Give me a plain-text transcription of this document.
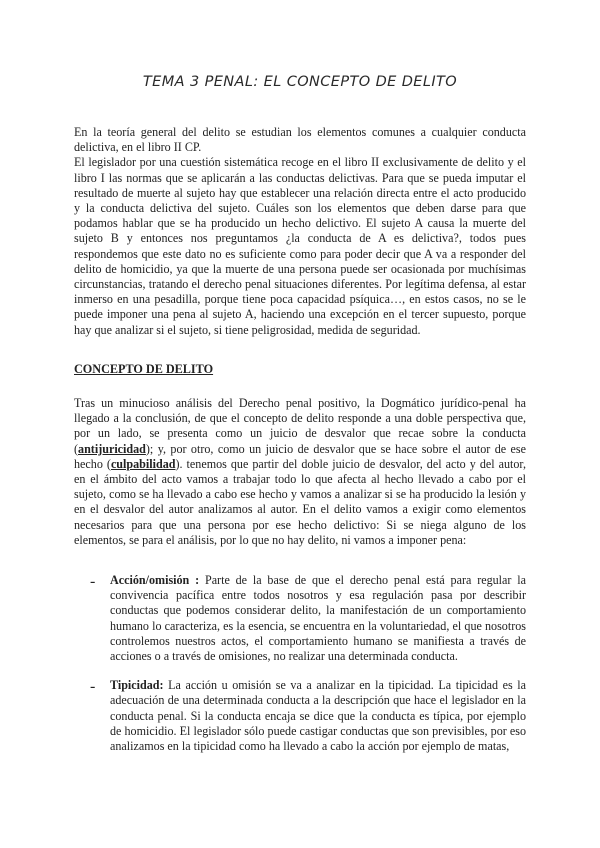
TEMA 3 PENAL: EL CONCEPTO DE DELITO

En la teoría general del delito se estudian los elementos comunes a cualquier conducta delictiva, en el libro II CP.

El legislador por una cuestión sistemática recoge en el libro II exclusivamente de delito y el libro I las normas que se aplicarán a las conductas delictivas. Para que se pueda imputar el resultado de muerte al sujeto hay que establecer una relación directa entre el acto producido y la conducta delictiva del sujeto. Cuáles son los elementos que deben darse para que podamos hablar que se ha producido un hecho delictivo. El sujeto A causa la muerte del sujeto B y entonces nos preguntamos ¿la conducta de A es delictiva?, todos pues respondemos que este dato no es suficiente como para poder decir que A va a responder del delito de homicidio, ya que la muerte de una persona puede ser ocasionada por muchísimas circunstancias, tratando el derecho penal situaciones diferentes. Por legítima defensa, al estar inmerso en una pesadilla, porque tiene poca capacidad psíquica…, en estos casos, no se le puede imponer una pena al sujeto A, haciendo una excepción en el tercer supuesto, porque hay que analizar si el sujeto, si tiene peligrosidad, medida de seguridad.

CONCEPTO DE DELITO

Tras un minucioso análisis del Derecho penal positivo, la Dogmático jurídico-penal ha llegado a la conclusión, de que el concepto de delito responde a una doble perspectiva que, por un lado, se presenta como un juicio de desvalor que recae sobre la conducta (antijuricidad); y, por otro, como un juicio de desvalor que se hace sobre el autor de ese hecho (culpabilidad). tenemos que partir del doble juicio de desvalor, del acto y del autor, en el ámbito del acto vamos a trabajar todo lo que afecta al hecho llevado a cabo por el sujeto, como se ha llevado a cabo ese hecho y vamos a analizar si se ha producido la lesión y en el desvalor del autor analizamos al autor. En el delito vamos a exigir como elementos necesarios para que una persona por ese hecho delictivo: Si se niega alguno de los elementos, se para el análisis, por lo que no hay delito, ni vamos a imponer pena:

- Acción/omisión : Parte de la base de que el derecho penal está para regular la convivencia pacífica entre todos nosotros y esa regulación pasa por describir conductas que podemos considerar delito, la manifestación de un comportamiento humano lo caracteriza, es la esencia, se encuentra en la voluntariedad, el que nosotros controlemos nuestros actos, el comportamiento humano se manifiesta a través de acciones o a través de omisiones, no realizar una determinada conducta.

- Tipicidad: La acción u omisión se va a analizar en la tipicidad. La tipicidad es la adecuación de una determinada conducta a la descripción que hace el legislador en la conducta penal. Si la conducta encaja se dice que la conducta es típica, por ejemplo de homicidio. El legislador sólo puede castigar conductas que son previsibles, por eso analizamos en la tipicidad como ha llevado a cabo la acción por ejemplo de matas,
